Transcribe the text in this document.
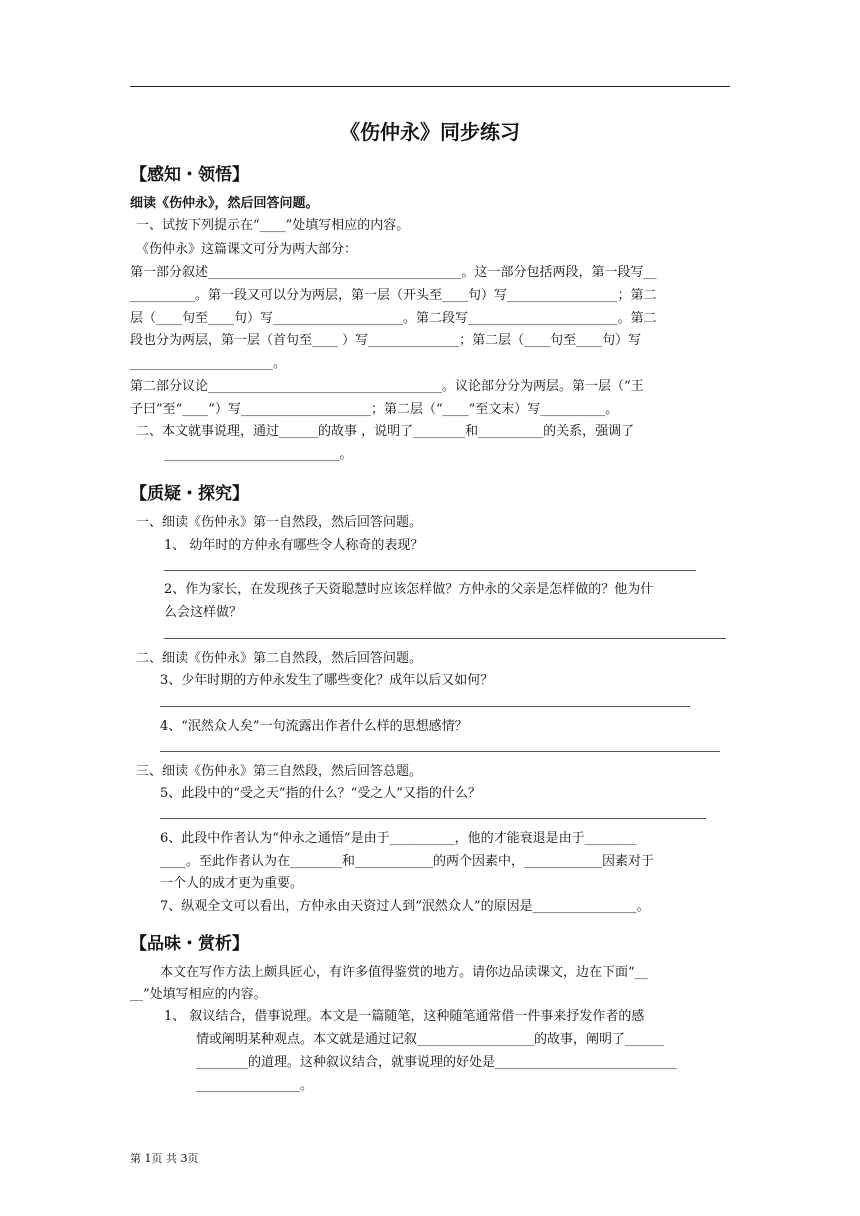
《伤仲永》同步练习
【感知・领悟】
细读《伤仲永》，然后回答问题。
一、试按下列提示在“____”处填写相应的内容。
《伤仲永》这篇课文可分为两大部分：
第一部分叙述_______________________________________。这一部分包括两段，第一段写__
__________。第一段又可以分为两层，第一层（开头至____句）写_________________；第二
层（____句至____句）写____________________。第二段写_______________________。第二
段也分为两层，第一层（首句至____ ）写______________；第二层（____句至____句）写
______________________。
第二部分议论____________________________________。议论部分分为两层。第一层（“王
子曰”至“____”）写____________________；第二层（“____”至文末）写__________。
二、本文就事说理，通过______的故事 ，说明了________和__________的关系，强调了
___________________________。
【质疑・探究】
一、细读《伤仲永》第一自然段，然后回答问题。
1、 幼年时的方仲永有哪些令人称奇的表现？
2、作为家长，在发现孩子天资聪慧时应该怎样做？方仲永的父亲是怎样做的？他为什
么会这样做？
二、细读《伤仲永》第二自然段，然后回答问题。
3、少年时期的方仲永发生了哪些变化？成年以后又如何？
4、“泯然众人矣”一句流露出作者什么样的思想感情？
三、细读《伤仲永》第三自然段，然后回答总题。
5、此段中的“受之天”指的什么？“受之人”又指的什么？
6、此段中作者认为“仲永之通悟”是由于__________，他的才能衰退是由于________
____。至此作者认为在________和____________的两个因素中，____________因素对于
一个人的成才更为重要。
7、纵观全文可以看出，方仲永由天资过人到“泯然众人”的原因是________________。
【品味・赏析】
本文在写作方法上颇具匠心，有许多值得鉴赏的地方。请你边品读课文，边在下面“__
__”处填写相应的内容。
1、 叙议结合，借事说理。本文是一篇随笔，这种随笔通常借一件事来抒发作者的感
情或阐明某种观点。本文就是通过记叙__________________的故事，阐明了______
________的道理。这种叙议结合，就事说理的好处是____________________________
________________。
第 1页 共 3页
